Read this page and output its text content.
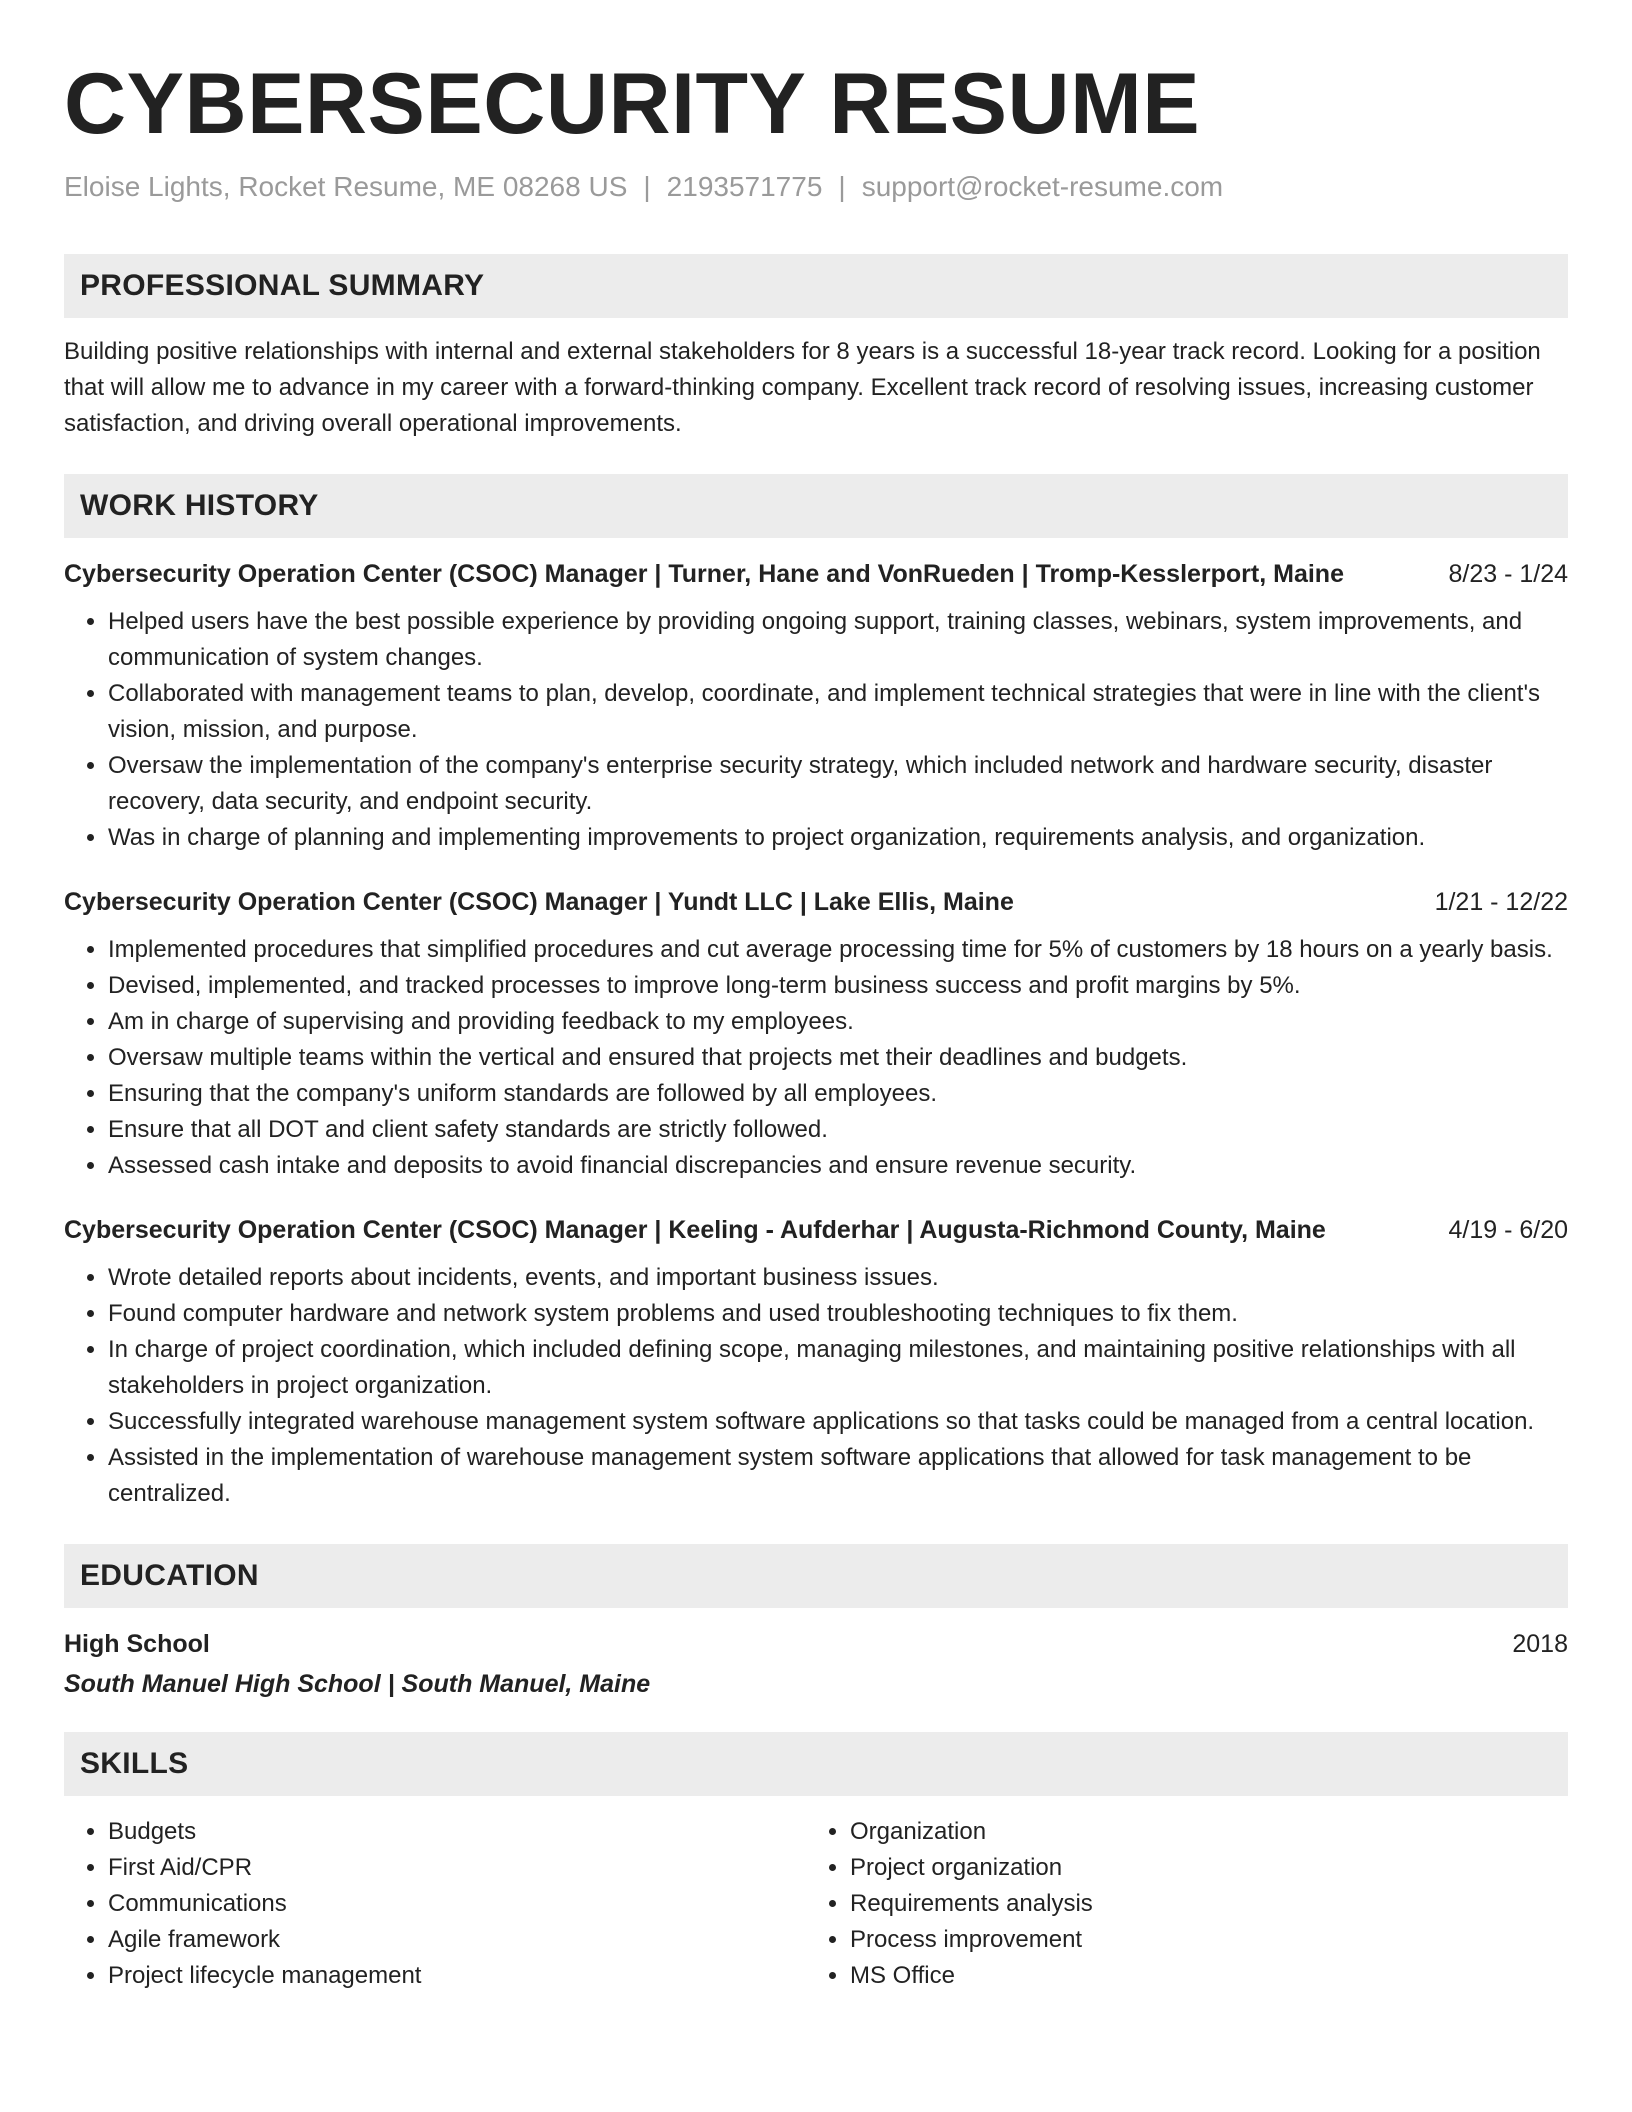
CYBERSECURITY RESUME
Eloise Lights, Rocket Resume, ME 08268 US | 2193571775 | support@rocket-resume.com
PROFESSIONAL SUMMARY
Building positive relationships with internal and external stakeholders for 8 years is a successful 18-year track record. Looking for a position that will allow me to advance in my career with a forward-thinking company. Excellent track record of resolving issues, increasing customer satisfaction, and driving overall operational improvements.
WORK HISTORY
Cybersecurity Operation Center (CSOC) Manager | Turner, Hane and VonRueden | Tromp-Kesslerport, Maine	8/23 - 1/24
• Helped users have the best possible experience by providing ongoing support, training classes, webinars, system improvements, and communication of system changes.
• Collaborated with management teams to plan, develop, coordinate, and implement technical strategies that were in line with the client's vision, mission, and purpose.
• Oversaw the implementation of the company's enterprise security strategy, which included network and hardware security, disaster recovery, data security, and endpoint security.
• Was in charge of planning and implementing improvements to project organization, requirements analysis, and organization.
Cybersecurity Operation Center (CSOC) Manager | Yundt LLC | Lake Ellis, Maine	1/21 - 12/22
• Implemented procedures that simplified procedures and cut average processing time for 5% of customers by 18 hours on a yearly basis.
• Devised, implemented, and tracked processes to improve long-term business success and profit margins by 5%.
• Am in charge of supervising and providing feedback to my employees.
• Oversaw multiple teams within the vertical and ensured that projects met their deadlines and budgets.
• Ensuring that the company's uniform standards are followed by all employees.
• Ensure that all DOT and client safety standards are strictly followed.
• Assessed cash intake and deposits to avoid financial discrepancies and ensure revenue security.
Cybersecurity Operation Center (CSOC) Manager | Keeling - Aufderhar | Augusta-Richmond County, Maine	4/19 - 6/20
• Wrote detailed reports about incidents, events, and important business issues.
• Found computer hardware and network system problems and used troubleshooting techniques to fix them.
• In charge of project coordination, which included defining scope, managing milestones, and maintaining positive relationships with all stakeholders in project organization.
• Successfully integrated warehouse management system software applications so that tasks could be managed from a central location.
• Assisted in the implementation of warehouse management system software applications that allowed for task management to be centralized.
EDUCATION
High School	2018
South Manuel High School | South Manuel, Maine
SKILLS
• Budgets
• First Aid/CPR
• Communications
• Agile framework
• Project lifecycle management
• Organization
• Project organization
• Requirements analysis
• Process improvement
• MS Office
